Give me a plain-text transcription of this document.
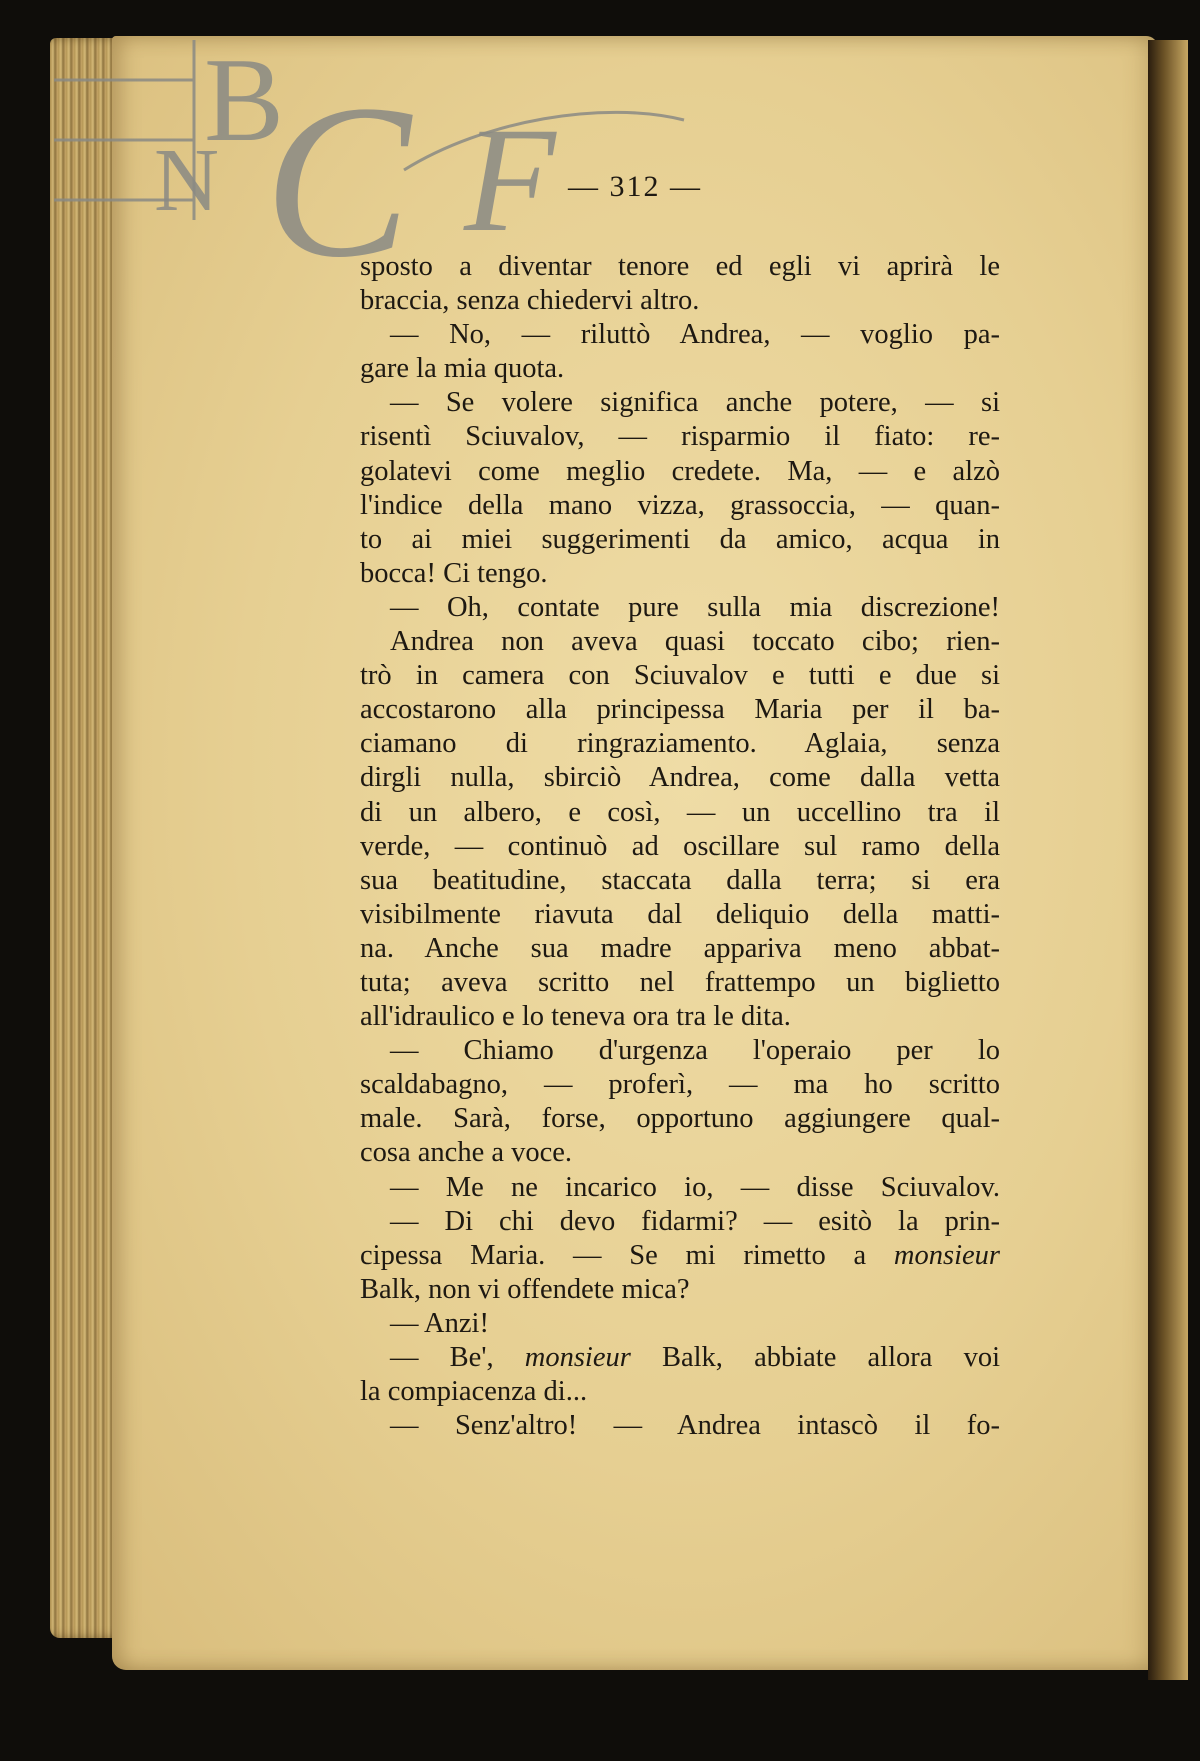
B
N C F — 312 —
sposto a diventar tenore ed egli vi aprirà le
braccia, senza chiedervi altro.
— No, — riluttò Andrea, — voglio pa-
gare la mia quota.
— Se volere significa anche potere, — si
risentì Sciuvalov, — risparmio il fiato: re-
golatevi come meglio credete. Ma, — e alzò
l'indice della mano vizza, grassoccia, — quan-
to ai miei suggerimenti da amico, acqua in
bocca! Ci tengo.
— Oh, contate pure sulla mia discrezione!
Andrea non aveva quasi toccato cibo; rien-
trò in camera con Sciuvalov e tutti e due si
accostarono alla principessa Maria per il ba-
ciamano di ringraziamento. Aglaia, senza
dirgli nulla, sbirciò Andrea, come dalla vetta
di un albero, e così, — un uccellino tra il
verde, — continuò ad oscillare sul ramo della
sua beatitudine, staccata dalla terra; si era
visibilmente riavuta dal deliquio della matti-
na. Anche sua madre appariva meno abbat-
tuta; aveva scritto nel frattempo un biglietto
all'idraulico e lo teneva ora tra le dita.
— Chiamo d'urgenza l'operaio per lo
scaldabagno, — proferì, — ma ho scritto
male. Sarà, forse, opportuno aggiungere qual-
cosa anche a voce.
— Me ne incarico io, — disse Sciuvalov.
— Di chi devo fidarmi? — esitò la prin-
cipessa Maria. — Se mi rimetto a monsieur
Balk, non vi offendete mica?
— Anzi!
— Be', monsieur Balk, abbiate allora voi
la compiacenza di...
— Senz'altro! — Andrea intascò il fo-
